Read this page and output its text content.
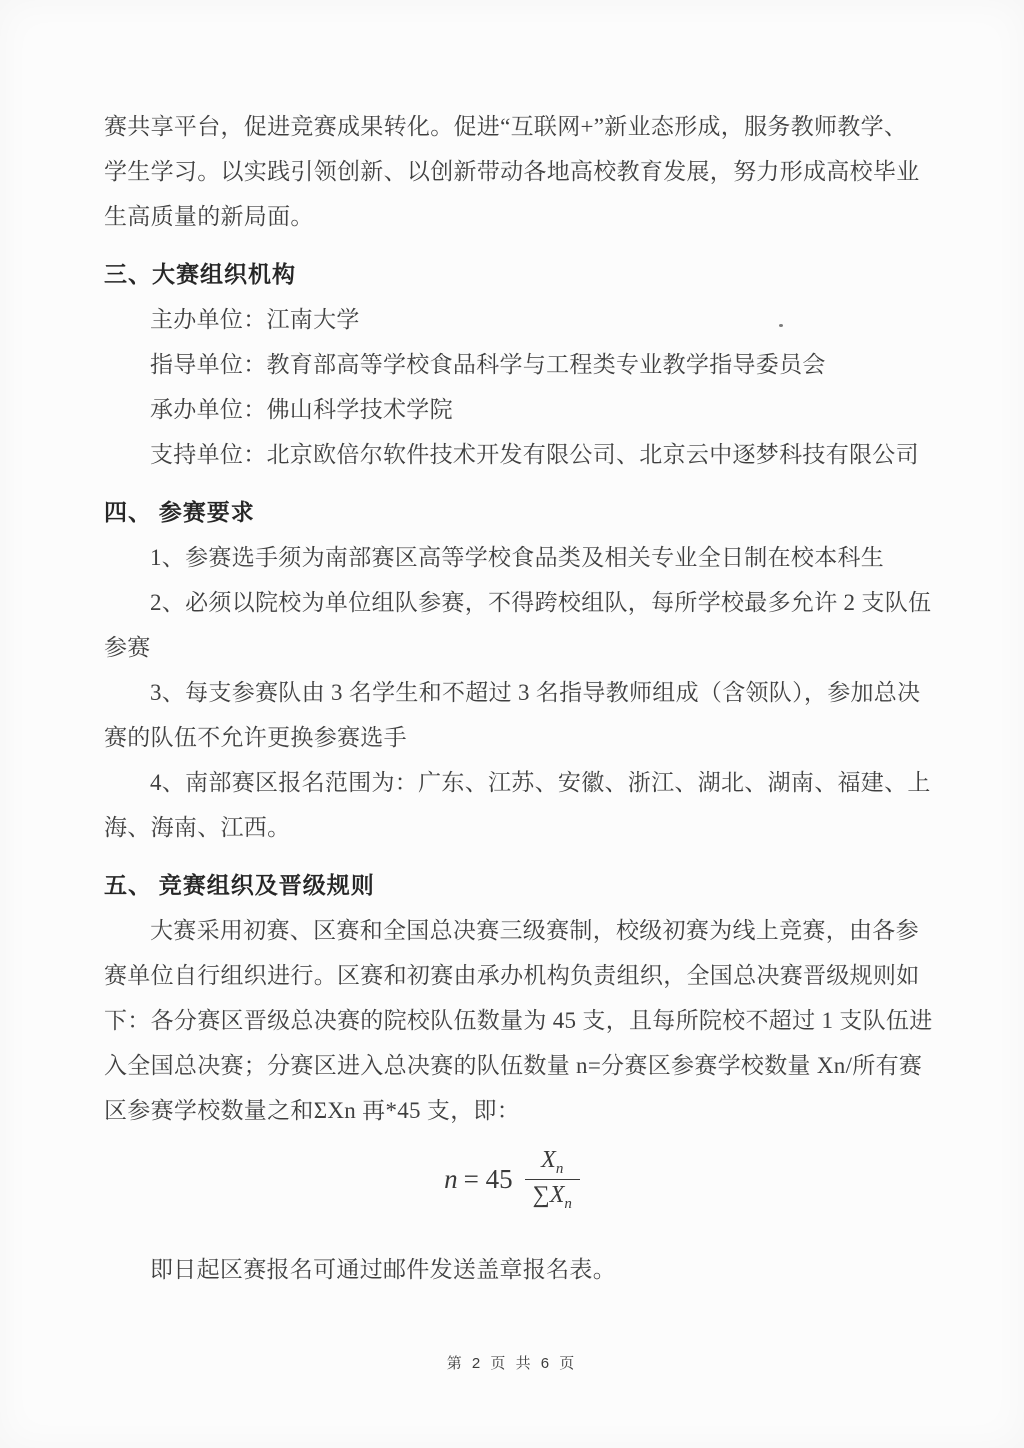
赛共享平台，促进竞赛成果转化。促进“互联网+”新业态形成，服务教师教学、
学生学习。以实践引领创新、以创新带动各地高校教育发展，努力形成高校毕业
生高质量的新局面。
三、大赛组织机构
主办单位：江南大学
指导单位：教育部高等学校食品科学与工程类专业教学指导委员会
承办单位：佛山科学技术学院
支持单位：北京欧倍尔软件技术开发有限公司、北京云中逐梦科技有限公司
四、 参赛要求
1、参赛选手须为南部赛区高等学校食品类及相关专业全日制在校本科生
2、必须以院校为单位组队参赛，不得跨校组队，每所学校最多允许 2 支队伍
参赛
3、每支参赛队由 3 名学生和不超过 3 名指导教师组成（含领队），参加总决
赛的队伍不允许更换参赛选手
4、南部赛区报名范围为：广东、江苏、安徽、浙江、湖北、湖南、福建、上
海、海南、江西。
五、 竞赛组织及晋级规则
大赛采用初赛、区赛和全国总决赛三级赛制，校级初赛为线上竞赛，由各参
赛单位自行组织进行。区赛和初赛由承办机构负责组织，全国总决赛晋级规则如
下：各分赛区晋级总决赛的院校队伍数量为 45 支，且每所院校不超过 1 支队伍进
入全国总决赛；分赛区进入总决赛的队伍数量 n=分赛区参赛学校数量 Xn/所有赛
区参赛学校数量之和ΣXn 再*45 支，即：
$n = 45 \frac{X_n}{\sum X_n}$
即日起区赛报名可通过邮件发送盖章报名表。
第 2 页 共 6 页
